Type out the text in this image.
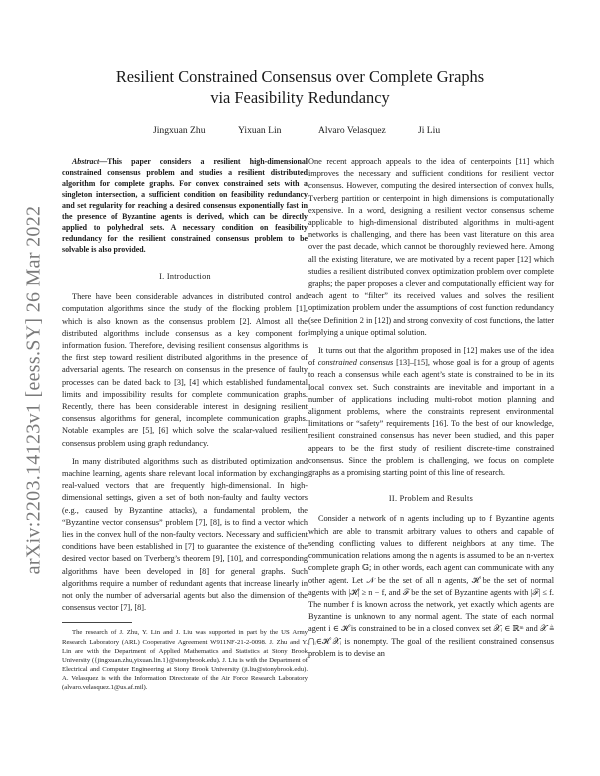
arXiv:2203.14123v1 [eess.SY] 26 Mar 2022
Resilient Constrained Consensus over Complete Graphs
via Feasibility Redundancy
Jingxuan Zhu	Yixuan Lin	Alvaro Velasquez	Ji Liu

Abstract—This paper considers a resilient high-dimensional constrained consensus problem and studies a resilient distributed algorithm for complete graphs. For convex constrained sets with a singleton intersection, a sufficient condition on feasibility redundancy and set regularity for reaching a desired consensus exponentially fast in the presence of Byzantine agents is derived, which can be directly applied to polyhedral sets. A necessary condition on feasibility redundancy for the resilient constrained consensus problem to be solvable is also provided.

I. Introduction

There have been considerable advances in distributed control and computation algorithms since the study of the flocking problem [1], which is also known as the consensus problem [2]. Almost all the distributed algorithms include consensus as a key component for information fusion. Therefore, devising resilient consensus algorithms is the first step toward resilient distributed algorithms in the presence of adversarial agents. The research on consensus in the presence of faulty processes can be dated back to [3], [4] which established fundamental limits and impossibility results for complete communication graphs. Recently, there has been considerable interest in designing resilient consensus algorithms for general, incomplete communication graphs. Notable examples are [5], [6] which solve the scalar-valued resilient consensus problem using graph redundancy.

In many distributed algorithms such as distributed optimization and machine learning, agents share relevant local information by exchanging real-valued vectors that are frequently high-dimensional. In high-dimensional settings, given a set of both non-faulty and faulty vectors (e.g., caused by Byzantine attacks), a fundamental problem, the “Byzantine vector consensus” problem [7], [8], is to find a vector which lies in the convex hull of the non-faulty vectors. Necessary and sufficient conditions have been established in [7] to guarantee the existence of the desired vector based on Tverberg’s theorem [9], [10], and corresponding algorithms have been developed in [8] for general graphs. Such algorithms require a number of redundant agents that increase linearly in not only the number of adversarial agents but also the dimension of the consensus vector [7], [8].

The research of J. Zhu, Y. Lin and J. Liu was supported in part by the US Army Research Laboratory (ARL) Cooperative Agreement W911NF-21-2-0098. J. Zhu and Y. Lin are with the Department of Applied Mathematics and Statistics at Stony Brook University ({jingxuan.zhu,yixuan.lin.1}@stonybrook.edu). J. Liu is with the Department of Electrical and Computer Engineering at Stony Brook University (ji.liu@stonybrook.edu). A. Velasquez is with the Information Directorate of the Air Force Research Laboratory (alvaro.velasquez.1@us.af.mil).

One recent approach appeals to the idea of centerpoints [11] which improves the necessary and sufficient conditions for resilient vector consensus. However, computing the desired intersection of convex hulls, Tverberg partition or centerpoint in high dimensions is computationally expensive. In a word, designing a resilient vector consensus scheme applicable to high-dimensional distributed algorithms in multi-agent networks is challenging, and there has been vast literature on this area over the past decade, which cannot be thoroughly reviewed here. Among all the existing literature, we are motivated by a recent paper [12] which studies a resilient distributed convex optimization problem over complete graphs; the paper proposes a clever and computationally efficient way for each agent to “filter” its received values and solves the resilient optimization problem under the assumptions of cost function redundancy (see Definition 2 in [12]) and strong convexity of cost functions, the latter implying a unique optimal solution.

It turns out that the algorithm proposed in [12] makes use of the idea of constrained consensus [13]–[15], whose goal is for a group of agents to reach a consensus while each agent’s state is constrained to be in its local convex set. Such constraints are inevitable and important in a number of applications including multi-robot motion planning and alignment problems, where the constraints represent environmental limitations or “safety” requirements [16]. To the best of our knowledge, resilient constrained consensus has never been studied, and this paper appears to be the first study of resilient discrete-time constrained consensus. Since the problem is challenging, we focus on complete graphs as a promising starting point of this line of research.

II. Problem and Results

Consider a network of n agents including up to f Byzantine agents which are able to transmit arbitrary values to others and capable of sending conflicting values to different neighbors at any time. The communication relations among the n agents is assumed to be an n-vertex complete graph 𝔾; in other words, each agent can communicate with any other agent. Let 𝒩 be the set of all n agents, ℋ be the set of normal agents with |ℋ| ≥ n − f, and ℱ be the set of Byzantine agents with |ℱ| ≤ f. The number f is known across the network, yet exactly which agents are Byzantine is unknown to any normal agent. The state of each normal agent i ∈ ℋ is constrained to be in a closed convex set 𝒳ᵢ ∈ ℝᵐ and 𝒳 ≜ ⋂ᵢ∈ℋ 𝒳ᵢ is nonempty. The goal of the resilient constrained consensus problem is to devise an
